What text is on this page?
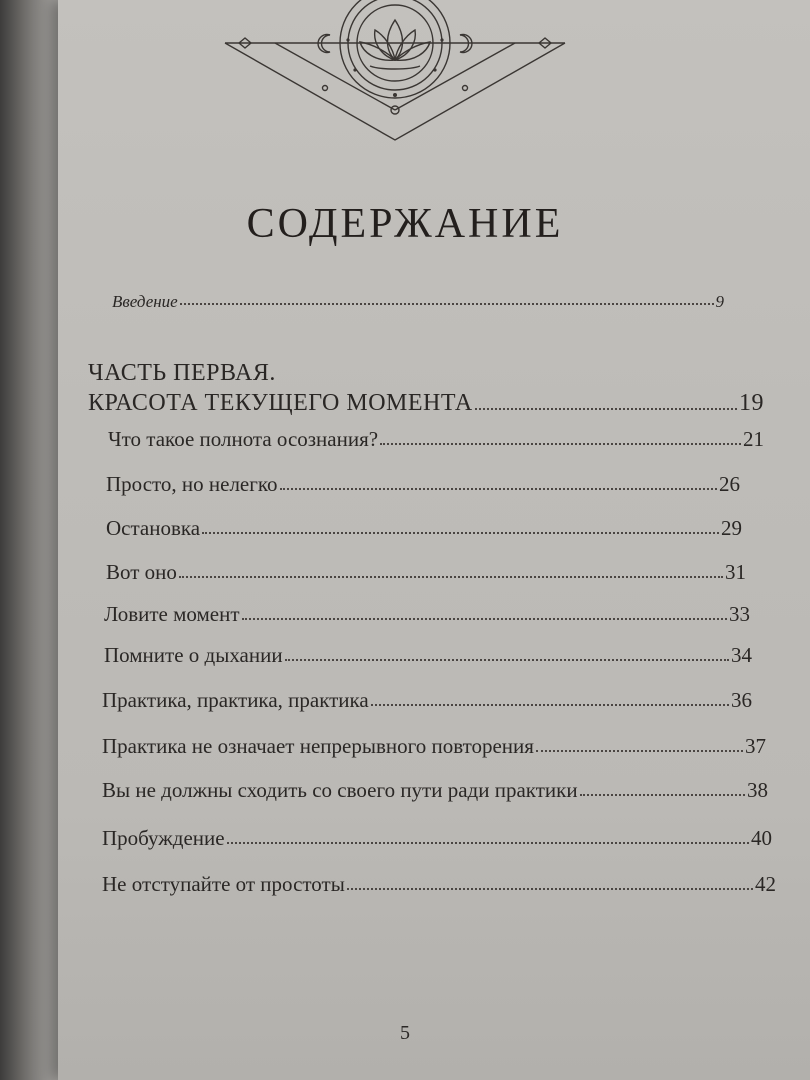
СОДЕРЖАНИЕ
Введение	9
ЧАСТЬ ПЕРВАЯ.
КРАСОТА ТЕКУЩЕГО МОМЕНТА	19
Что такое полнота осознания?	21
Просто, но нелегко	26
Остановка	29
Вот оно	31
Ловите момент	33
Помните о дыхании	34
Практика, практика, практика	36
Практика не означает непрерывного повторения	37
Вы не должны сходить со своего пути ради практики	38
Пробуждение	40
Не отступайте от простоты	42
5
